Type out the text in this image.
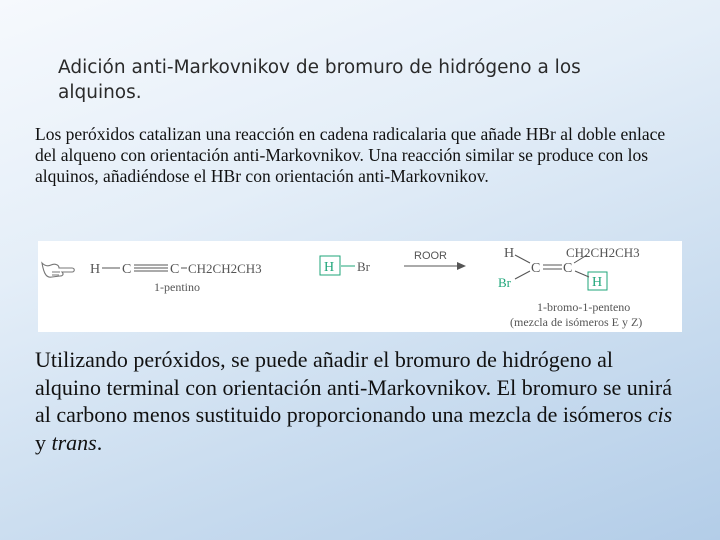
Adición anti-Markovnikov de bromuro de hidrógeno a los alquinos.

Los peróxidos catalizan una reacción en cadena radicalaria que añade HBr al doble enlace del alqueno con orientación anti-Markovnikov. Una reacción similar se produce con los alquinos, añadiéndose el HBr con orientación anti-Markovnikov.

H C	C CH2CH2CH3
1-pentino
H Br
ROOR	H	CH2CH2CH3
C C
Br	H
1-bromo-1-penteno
(mezcla de isómeros E y Z)

Utilizando peróxidos, se puede añadir el bromuro de hidrógeno al alquino terminal con orientación anti-Markovnikov. El bromuro se unirá al carbono menos sustituido proporcionando una mezcla de isómeros cis y trans.
